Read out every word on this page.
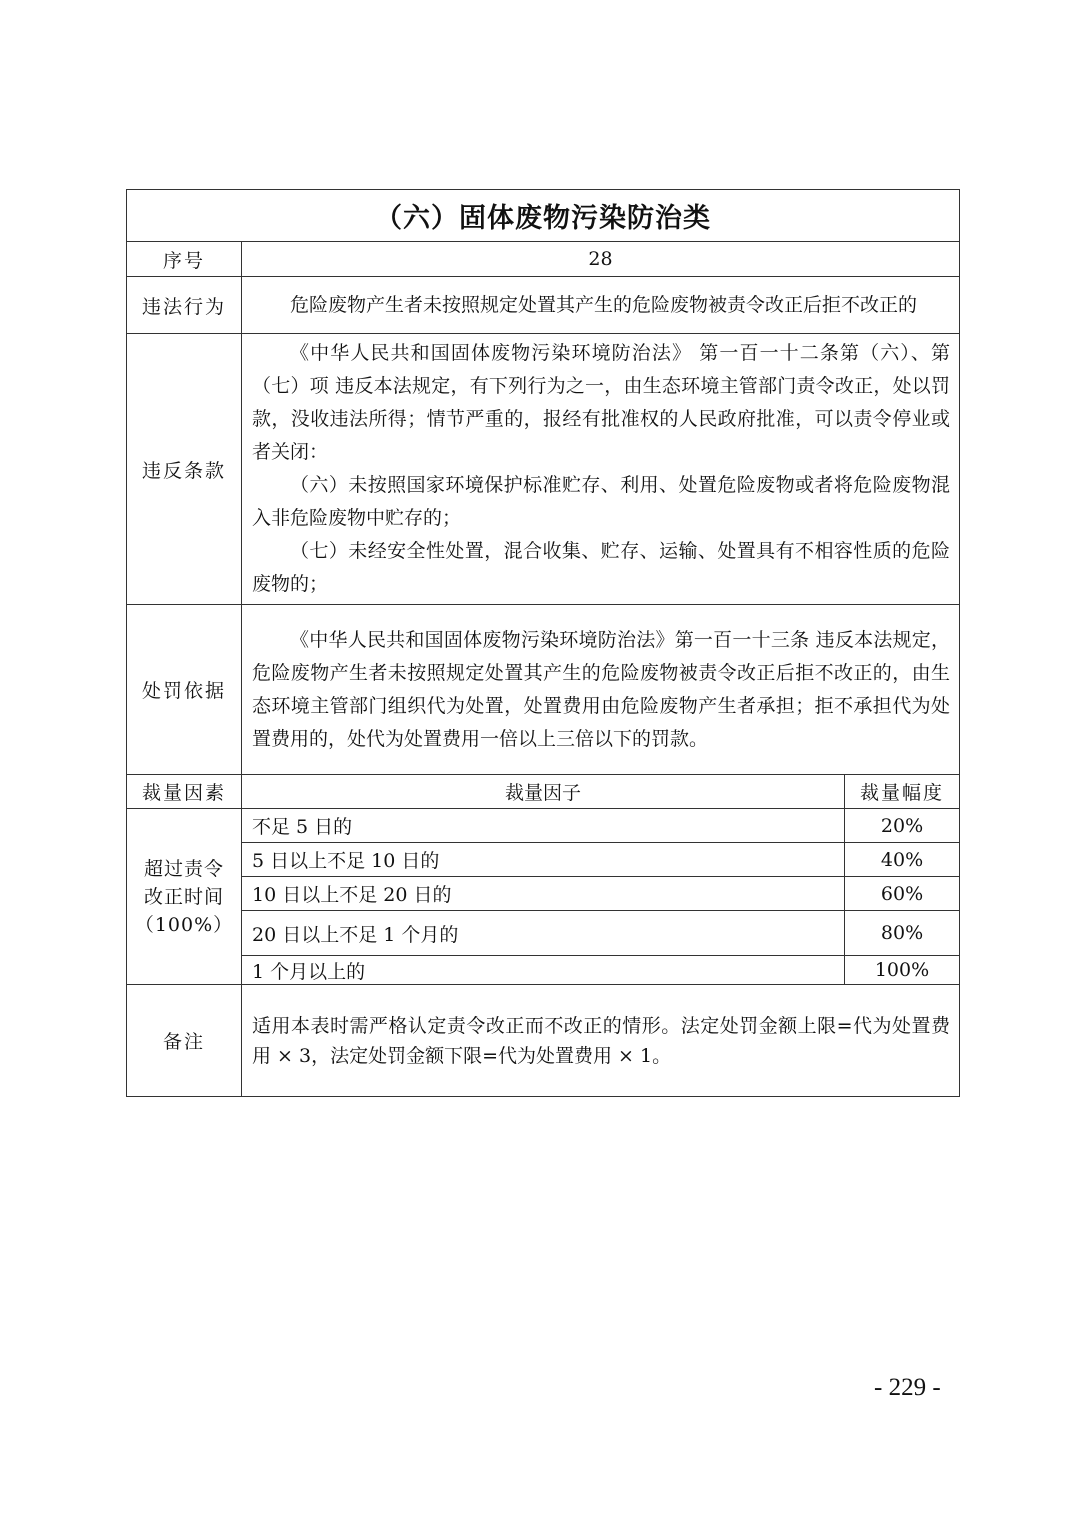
（六）固体废物污染防治类		
序号	28	
违法行为	危险废物产生者未按照规定处置其产生的危险废物被责令改正后拒不改正的	

违反条款	《中华人民共和国固体废物污染环境防治法》 第一百一十二条第（六）、第（七）项 违反本法规定，有下列行为之一，由生态环境主管部门责令改正，处以罚款，没收违法所得；情节严重的，报经有批准权的人民政府批准，可以责令停业或者关闭：

（六）未按照国家环境保护标准贮存、利用、处置危险废物或者将危险废物混入非危险废物中贮存的；

（七）未经安全性处置，混合收集、贮存、运输、处置具有不相容性质的危险废物的；	

处罚依据	《中华人民共和国固体废物污染环境防治法》第一百一十三条 违反本法规定，危险废物产生者未按照规定处置其产生的危险废物被责令改正后拒不改正的，由生态环境主管部门组织代为处置，处置费用由危险废物产生者承担；拒不承担代为处置费用的，处代为处置费用一倍以上三倍以下的罚款。	

裁量因素	裁量因子	裁量幅度

超过责令
改正时间
（100%）	不足 5 日的	20%
	5 日以上不足 10 日的	40%
	10 日以上不足 20 日的	60%
	20 日以上不足 1 个月的	80%
	1 个月以上的	100%
备注	适用本表时需严格认定责令改正而不改正的情形。法定处罚金额上限=代为处置费用 × 3，法定处罚金额下限=代为处置费用 × 1。	
- 229 -
